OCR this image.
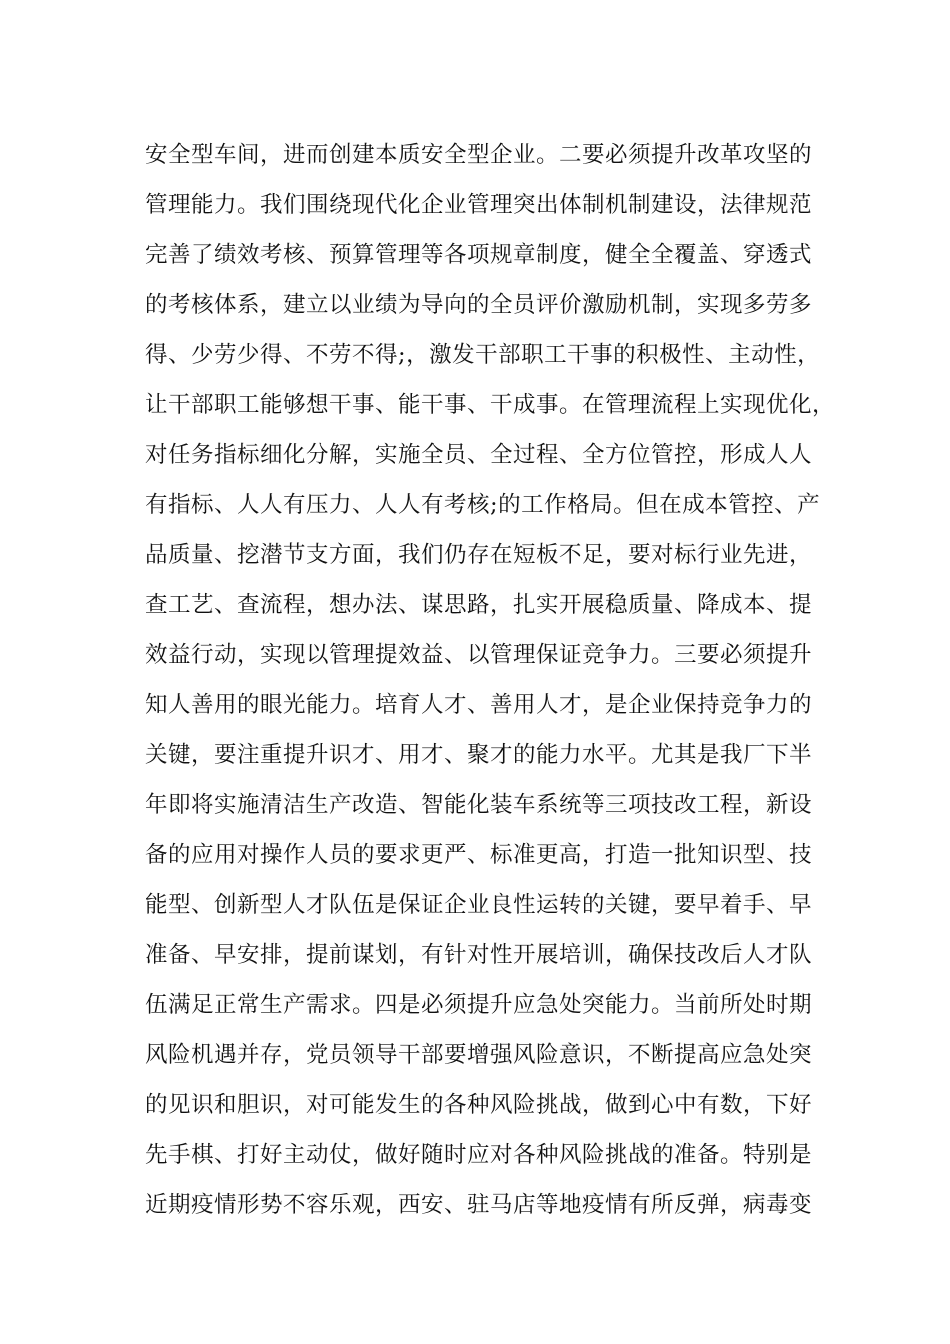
安全型车间，进而创建本质安全型企业。二要必须提升改革攻坚的
管理能力。我们围绕现代化企业管理突出体制机制建设，法律规范
完善了绩效考核、预算管理等各项规章制度，健全全覆盖、穿透式
的考核体系，建立以业绩为导向的全员评价激励机制，实现多劳多
得、少劳少得、不劳不得;，激发干部职工干事的积极性、主动性，
让干部职工能够想干事、能干事、干成事。在管理流程上实现优化，
对任务指标细化分解，实施全员、全过程、全方位管控，形成人人
有指标、人人有压力、人人有考核;的工作格局。但在成本管控、产
品质量、挖潜节支方面，我们仍存在短板不足，要对标行业先进，
查工艺、查流程，想办法、谋思路，扎实开展稳质量、降成本、提
效益行动，实现以管理提效益、以管理保证竞争力。三要必须提升
知人善用的眼光能力。培育人才、善用人才，是企业保持竞争力的
关键，要注重提升识才、用才、聚才的能力水平。尤其是我厂下半
年即将实施清洁生产改造、智能化装车系统等三项技改工程，新设
备的应用对操作人员的要求更严、标准更高，打造一批知识型、技
能型、创新型人才队伍是保证企业良性运转的关键，要早着手、早
准备、早安排，提前谋划，有针对性开展培训，确保技改后人才队
伍满足正常生产需求。四是必须提升应急处突能力。当前所处时期
风险机遇并存，党员领导干部要增强风险意识，不断提高应急处突
的见识和胆识，对可能发生的各种风险挑战，做到心中有数，下好
先手棋、打好主动仗，做好随时应对各种风险挑战的准备。特别是
近期疫情形势不容乐观，西安、驻马店等地疫情有所反弹，病毒变
